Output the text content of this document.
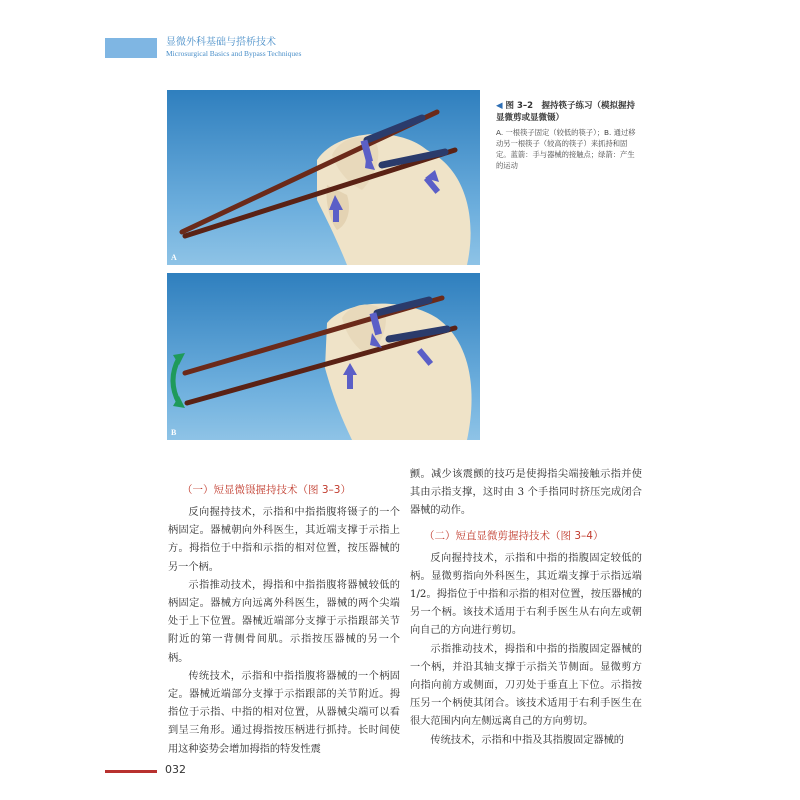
显微外科基础与搭桥技术
Microsurgical Basics and Bypass Techniques
A
B

◀ 图 3–2　握持筷子练习（模拟握持显微剪或显微镊）

A. 一根筷子固定（较低的筷子）；B. 通过移动另一根筷子（较高的筷子）来抓持和固定。蓝箭：手与器械的接触点；绿箭：产生的运动

（一）短显微镊握持技术（图 3–3）

反向握持技术，示指和中指指腹将镊子的一个柄固定。器械朝向外科医生，其近端支撑于示指上方。拇指位于中指和示指的相对位置，按压器械的另一个柄。

示指推动技术，拇指和中指指腹将器械较低的柄固定。器械方向远离外科医生，器械的两个尖端处于上下位置。器械近端部分支撑于示指跟部关节附近的第一背侧骨间肌。示指按压器械的另一个柄。

传统技术，示指和中指指腹将器械的一个柄固定。器械近端部分支撑于示指跟部的关节附近。拇指位于示指、中指的相对位置，从器械尖端可以看到呈三角形。通过拇指按压柄进行抓持。长时间使用这种姿势会增加拇指的特发性震

颤。减少该震颤的技巧是使拇指尖端接触示指并使其由示指支撑，这时由 3 个手指同时挤压完成闭合器械的动作。

（二）短直显微剪握持技术（图 3–4）

反向握持技术，示指和中指的指腹固定较低的柄。显微剪指向外科医生，其近端支撑于示指远端 1/2。拇指位于中指和示指的相对位置，按压器械的另一个柄。该技术适用于右利手医生从右向左或朝向自己的方向进行剪切。

示指推动技术，拇指和中指的指腹固定器械的一个柄，并沿其轴支撑于示指关节侧面。显微剪方向指向前方或侧面，刀刃处于垂直上下位。示指按压另一个柄使其闭合。该技术适用于右利手医生在很大范围内向左侧远离自己的方向剪切。

传统技术，示指和中指及其指腹固定器械的

032
